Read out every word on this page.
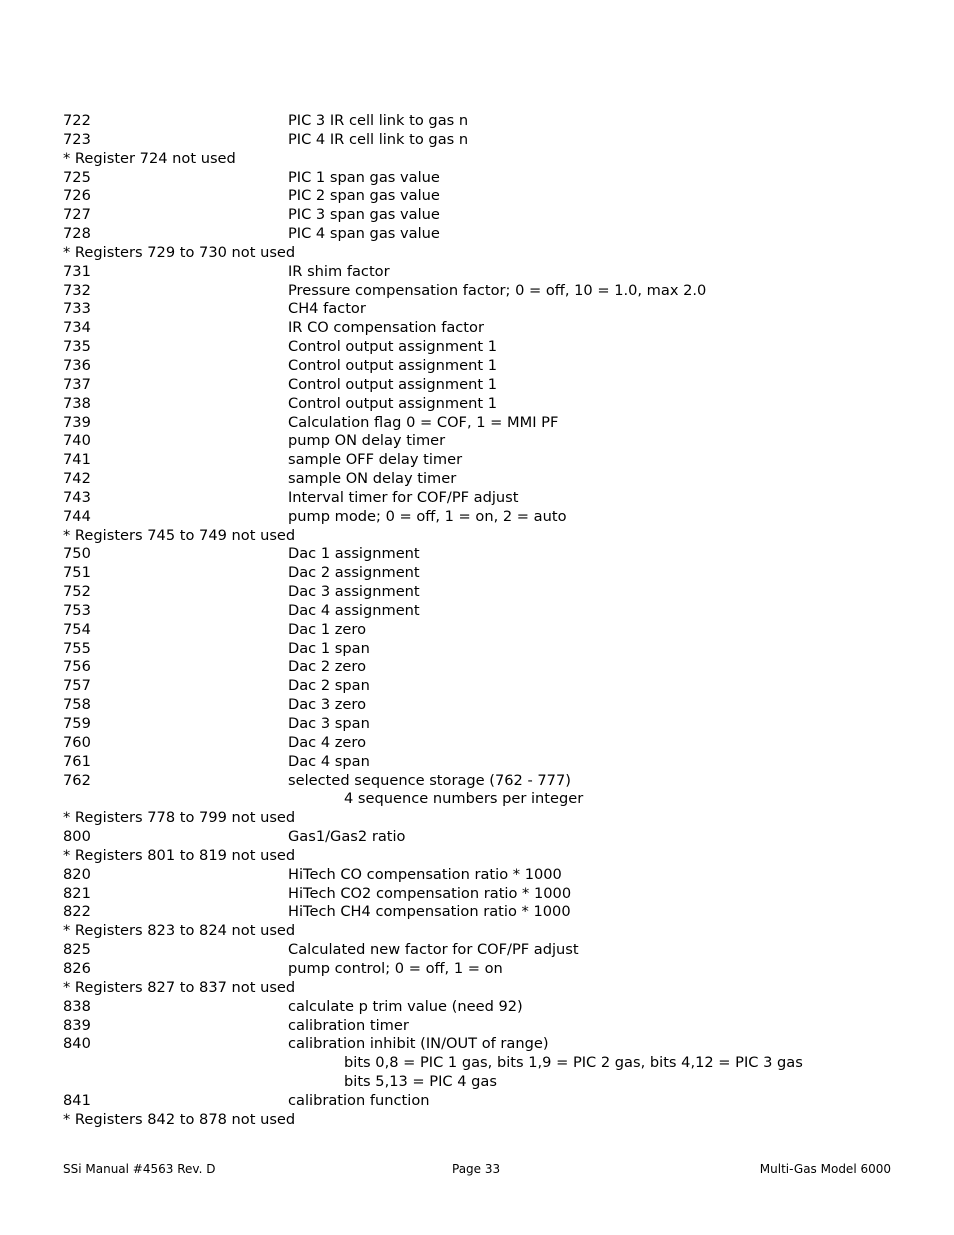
722	PIC 3 IR cell link to gas n
723	PIC 4 IR cell link to gas n
* Register 724 not used
725	PIC 1 span gas value
726	PIC 2 span gas value
727	PIC 3 span gas value
728	PIC 4 span gas value
* Registers 729 to 730 not used
731	IR shim factor
732	Pressure compensation factor; 0 = off, 10 = 1.0, max 2.0
733	CH4 factor
734	IR CO compensation factor
735	Control output assignment 1
736	Control output assignment 1
737	Control output assignment 1
738	Control output assignment 1
739	Calculation flag 0 = COF, 1 = MMI PF
740	pump ON delay timer
741	sample OFF delay timer
742	sample ON delay timer
743	Interval timer for COF/PF adjust
744	pump mode; 0 = off, 1 = on, 2 = auto
* Registers 745 to 749 not used
750	Dac 1 assignment
751	Dac 2 assignment
752	Dac 3 assignment
753	Dac 4 assignment
754	Dac 1 zero
755	Dac 1 span
756	Dac 2 zero
757	Dac 2 span
758	Dac 3 zero
759	Dac 3 span
760	Dac 4 zero
761	Dac 4 span
762	selected sequence storage (762 - 777)
4 sequence numbers per integer
* Registers 778 to 799 not used
800	Gas1/Gas2 ratio
* Registers 801 to 819 not used
820	HiTech CO compensation ratio * 1000
821	HiTech CO2 compensation ratio * 1000
822	HiTech CH4 compensation ratio * 1000
* Registers 823 to 824 not used
825	Calculated new factor for COF/PF adjust
826	pump control; 0 = off, 1 = on
* Registers 827 to 837 not used
838	calculate p trim value (need 92)
839	calibration timer
840	calibration inhibit (IN/OUT of range)
bits 0,8 = PIC 1 gas, bits 1,9 = PIC 2 gas, bits 4,12 = PIC 3 gas
bits 5,13 = PIC 4 gas
841	calibration function
* Registers 842 to 878 not used
SSi Manual #4563 Rev. D	Page 33	Multi-Gas Model 6000
